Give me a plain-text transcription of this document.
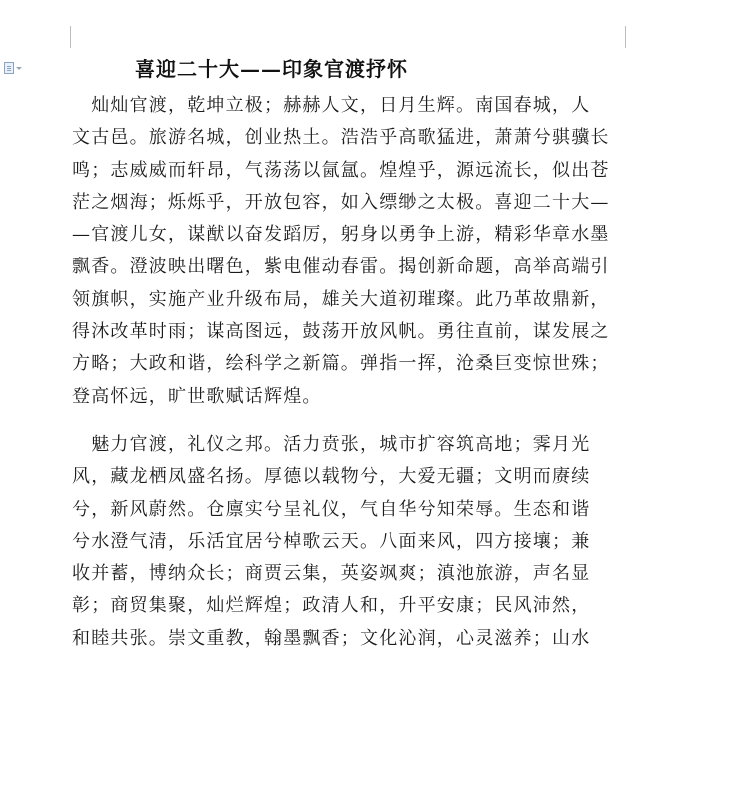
喜迎二十大——印象官渡抒怀
　灿灿官渡，乾坤立极；赫赫人文，日月生辉。南国春城，人
文古邑。旅游名城，创业热土。浩浩乎高歌猛进，萧萧兮骐骥长
鸣；志威威而轩昂，气荡荡以氤氲。煌煌乎，源远流长，似出苍
茫之烟海；烁烁乎，开放包容，如入缥缈之太极。喜迎二十大—
—官渡儿女，谋猷以奋发蹈厉，躬身以勇争上游，精彩华章水墨
飘香。澄波映出曙色，紫电催动春雷。揭创新命题，高举高端引
领旗帜，实施产业升级布局，雄关大道初璀璨。此乃革故鼎新，
得沐改革时雨；谋高图远，鼓荡开放风帆。勇往直前，谋发展之
方略；大政和谐，绘科学之新篇。弹指一挥，沧桑巨变惊世殊；
登高怀远，旷世歌赋话辉煌。
　魅力官渡，礼仪之邦。活力贲张，城市扩容筑高地；霁月光
风，藏龙栖凤盛名扬。厚德以载物兮，大爱无疆；文明而赓续
兮，新风蔚然。仓廪实兮呈礼仪，气自华兮知荣辱。生态和谐
兮水澄气清，乐活宜居兮棹歌云天。八面来风，四方接壤；兼
收并蓄，博纳众长；商贾云集，英姿飒爽；滇池旅游，声名显
彰；商贸集聚，灿烂辉煌；政清人和，升平安康；民风沛然，
和睦共张。崇文重教，翰墨飘香；文化沁润，心灵滋养；山水
